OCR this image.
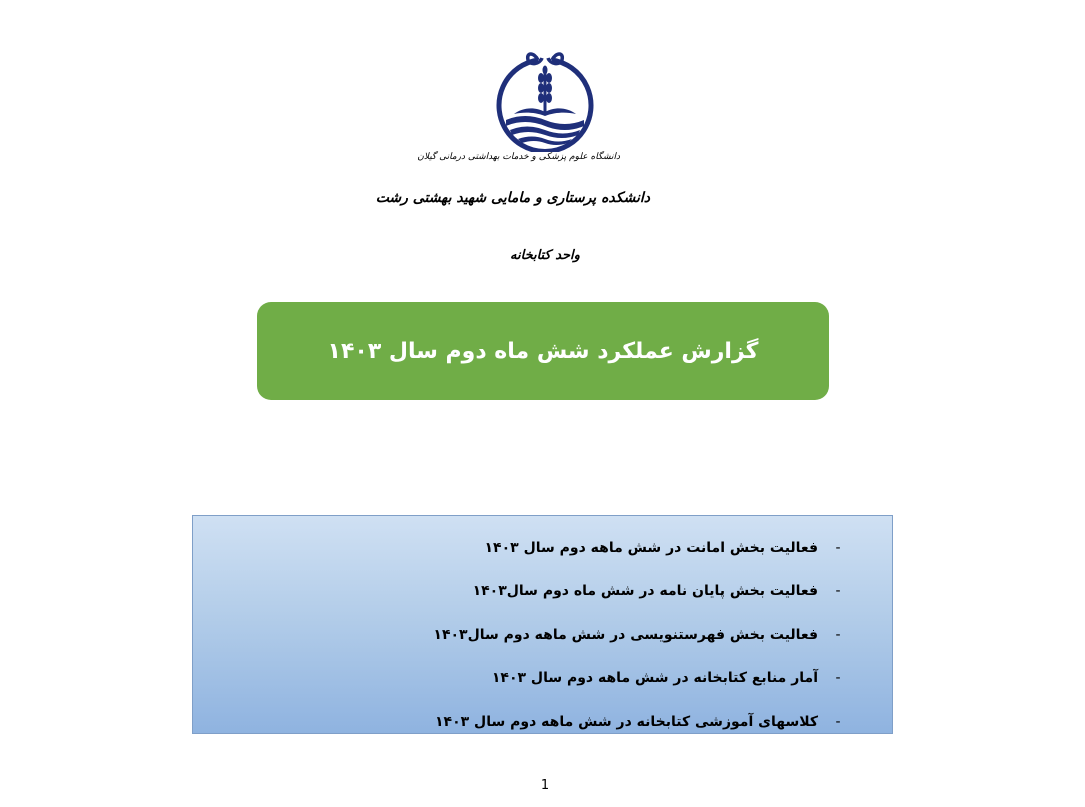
دانشگاه علوم پزشکی و خدمات بهداشتی درمانی گیلان
دانشکده پرستاری و مامایی شهید بهشتی رشت
واحد کتابخانه
گزارش عملکرد شش ماه دوم سال ۱۴۰۳
فعالیت بخش امانت در شش ماهه دوم سال ۱۴۰۳	-
فعالیت بخش پایان نامه در شش ماه دوم سال۱۴۰۳	-
فعالیت بخش فهرستنویسی در شش ماهه دوم سال۱۴۰۳	-
آمار منابع کتابخانه در شش ماهه دوم سال ۱۴۰۳	-
کلاسهای آموزشی کتابخانه در شش ماهه دوم سال ۱۴۰۳	-
1
